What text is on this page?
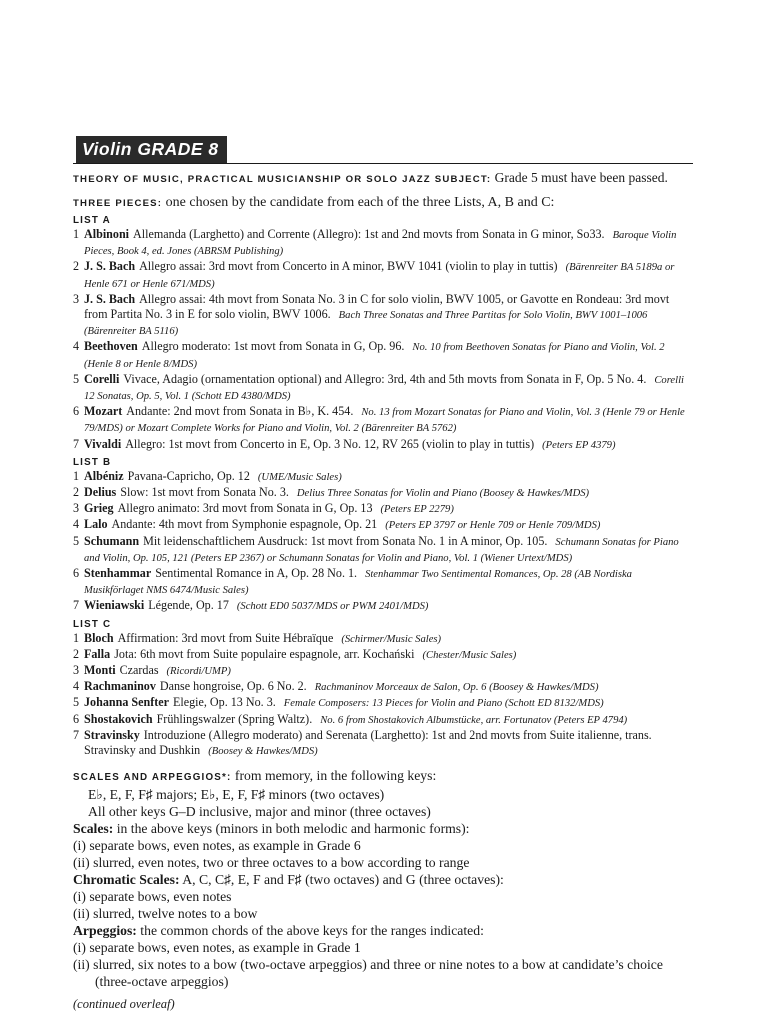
Violin GRADE 8
THEORY OF MUSIC, PRACTICAL MUSICIANSHIP OR SOLO JAZZ SUBJECT: Grade 5 must have been passed.
THREE PIECES: one chosen by the candidate from each of the three Lists, A, B and C:
LIST A
1 Albinoni Allemanda (Larghetto) and Corrente (Allegro): 1st and 2nd movts from Sonata in G minor, So33. Baroque Violin Pieces, Book 4, ed. Jones (ABRSM Publishing)
2 J. S. Bach Allegro assai: 3rd movt from Concerto in A minor, BWV 1041 (violin to play in tuttis) (Bärenreiter BA 5189a or Henle 671 or Henle 671/MDS)
3 J. S. Bach Allegro assai: 4th movt from Sonata No. 3 in C for solo violin, BWV 1005, or Gavotte en Rondeau: 3rd movt from Partita No. 3 in E for solo violin, BWV 1006. Bach Three Sonatas and Three Partitas for Solo Violin, BWV 1001–1006 (Bärenreiter BA 5116)
4 Beethoven Allegro moderato: 1st movt from Sonata in G, Op. 96. No. 10 from Beethoven Sonatas for Piano and Violin, Vol. 2 (Henle 8 or Henle 8/MDS)
5 Corelli Vivace, Adagio (ornamentation optional) and Allegro: 3rd, 4th and 5th movts from Sonata in F, Op. 5 No. 4. Corelli 12 Sonatas, Op. 5, Vol. 1 (Schott ED 4380/MDS)
6 Mozart Andante: 2nd movt from Sonata in B♭, K. 454. No. 13 from Mozart Sonatas for Piano and Violin, Vol. 3 (Henle 79 or Henle 79/MDS) or Mozart Complete Works for Piano and Violin, Vol. 2 (Bärenreiter BA 5762)
7 Vivaldi Allegro: 1st movt from Concerto in E, Op. 3 No. 12, RV 265 (violin to play in tuttis) (Peters EP 4379)
LIST B
1 Albéniz Pavana-Capricho, Op. 12 (UME/Music Sales)
2 Delius Slow: 1st movt from Sonata No. 3. Delius Three Sonatas for Violin and Piano (Boosey & Hawkes/MDS)
3 Grieg Allegro animato: 3rd movt from Sonata in G, Op. 13 (Peters EP 2279)
4 Lalo Andante: 4th movt from Symphonie espagnole, Op. 21 (Peters EP 3797 or Henle 709 or Henle 709/MDS)
5 Schumann Mit leidenschaftlichem Ausdruck: 1st movt from Sonata No. 1 in A minor, Op. 105. Schumann Sonatas for Piano and Violin, Op. 105, 121 (Peters EP 2367) or Schumann Sonatas for Violin and Piano, Vol. 1 (Wiener Urtext/MDS)
6 Stenhammar Sentimental Romance in A, Op. 28 No. 1. Stenhammar Two Sentimental Romances, Op. 28 (AB Nordiska Musikförlaget NMS 6474/Music Sales)
7 Wieniawski Légende, Op. 17 (Schott ED0 5037/MDS or PWM 2401/MDS)
LIST C
1 Bloch Affirmation: 3rd movt from Suite Hébraïque (Schirmer/Music Sales)
2 Falla Jota: 6th movt from Suite populaire espagnole, arr. Kochański (Chester/Music Sales)
3 Monti Czardas (Ricordi/UMP)
4 Rachmaninov Danse hongroise, Op. 6 No. 2. Rachmaninov Morceaux de Salon, Op. 6 (Boosey & Hawkes/MDS)
5 Johanna Senfter Elegie, Op. 13 No. 3. Female Composers: 13 Pieces for Violin and Piano (Schott ED 8132/MDS)
6 Shostakovich Frühlingswalzer (Spring Waltz). No. 6 from Shostakovich Albumstücke, arr. Fortunatov (Peters EP 4794)
7 Stravinsky Introduzione (Allegro moderato) and Serenata (Larghetto): 1st and 2nd movts from Suite italienne, trans. Stravinsky and Dushkin (Boosey & Hawkes/MDS)
SCALES AND ARPEGGIOS*: from memory, in the following keys:
E♭, E, F, F♯ majors; E♭, E, F, F♯ minors (two octaves)
All other keys G–D inclusive, major and minor (three octaves)
Scales: in the above keys (minors in both melodic and harmonic forms):
(i) separate bows, even notes, as example in Grade 6
(ii) slurred, even notes, two or three octaves to a bow according to range
Chromatic Scales: A, C, C♯, E, F and F♯ (two octaves) and G (three octaves):
(i) separate bows, even notes
(ii) slurred, twelve notes to a bow
Arpeggios: the common chords of the above keys for the ranges indicated:
(i) separate bows, even notes, as example in Grade 1
(ii) slurred, six notes to a bow (two-octave arpeggios) and three or nine notes to a bow at candidate’s choice
(three-octave arpeggios)
(continued overleaf)
